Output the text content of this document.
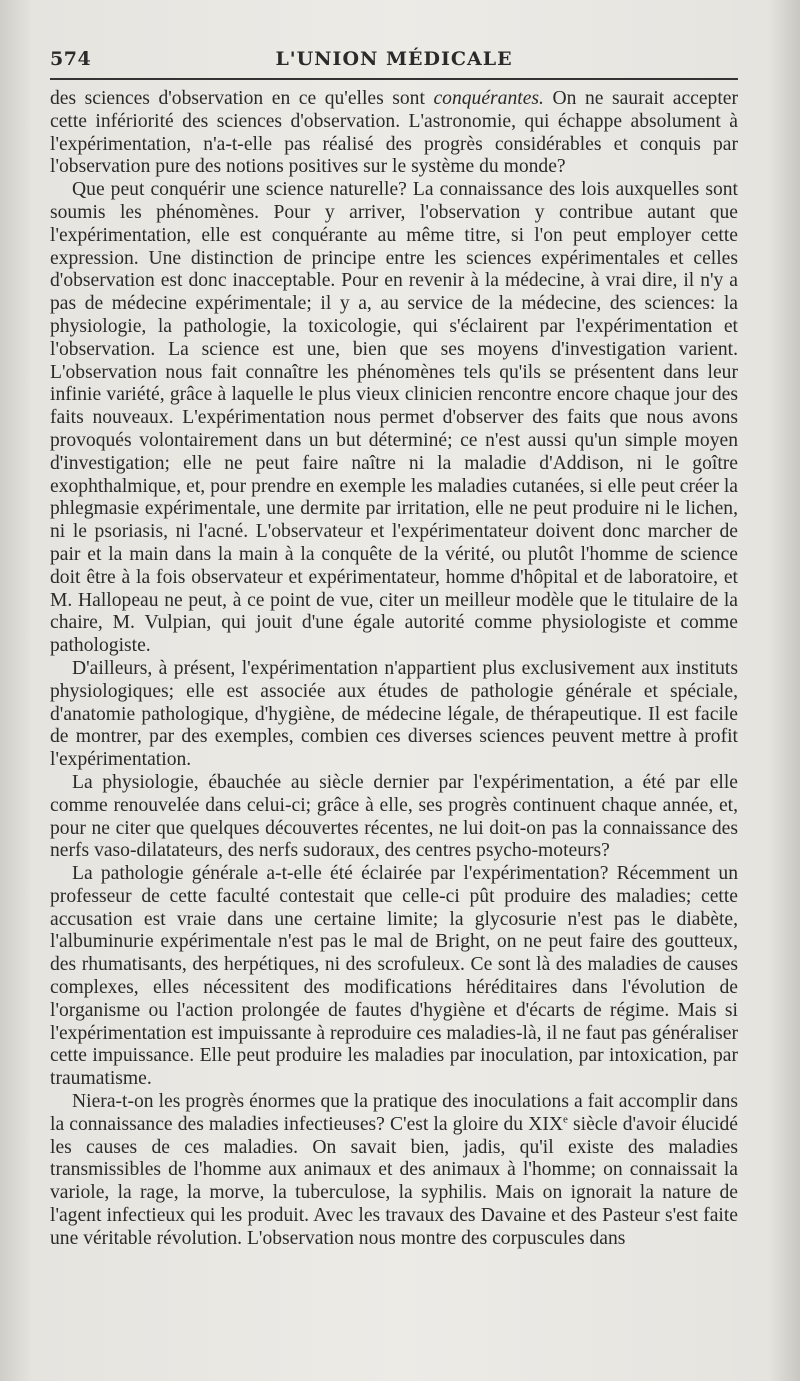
574	L'UNION MÉDICALE

des sciences d'observation en ce qu'elles sont conquérantes. On ne saurait accepter cette infériorité des sciences d'observation. L'astronomie, qui échappe absolument à l'expérimentation, n'a-t-elle pas réalisé des progrès considérables et conquis par l'observation pure des notions positives sur le système du monde?

Que peut conquérir une science naturelle? La connaissance des lois auxquelles sont soumis les phénomènes. Pour y arriver, l'observation y contribue autant que l'expérimentation, elle est conquérante au même titre, si l'on peut employer cette expression. Une distinction de principe entre les sciences expérimentales et celles d'observation est donc inacceptable. Pour en revenir à la médecine, à vrai dire, il n'y a pas de médecine expérimentale; il y a, au service de la médecine, des sciences: la physiologie, la pathologie, la toxicologie, qui s'éclairent par l'expérimentation et l'observation. La science est une, bien que ses moyens d'investigation varient. L'observation nous fait connaître les phénomènes tels qu'ils se présentent dans leur infinie variété, grâce à laquelle le plus vieux clinicien rencontre encore chaque jour des faits nouveaux. L'expérimentation nous permet d'observer des faits que nous avons provoqués volontairement dans un but déterminé; ce n'est aussi qu'un simple moyen d'investigation; elle ne peut faire naître ni la maladie d'Addison, ni le goître exophthalmique, et, pour prendre en exemple les maladies cutanées, si elle peut créer la phlegmasie expérimentale, une dermite par irritation, elle ne peut produire ni le lichen, ni le psoriasis, ni l'acné. L'observateur et l'expérimentateur doivent donc marcher de pair et la main dans la main à la conquête de la vérité, ou plutôt l'homme de science doit être à la fois observateur et expérimentateur, homme d'hôpital et de laboratoire, et M. Hallopeau ne peut, à ce point de vue, citer un meilleur modèle que le titulaire de la chaire, M. Vulpian, qui jouit d'une égale autorité comme physiologiste et comme pathologiste.

D'ailleurs, à présent, l'expérimentation n'appartient plus exclusivement aux instituts physiologiques; elle est associée aux études de pathologie générale et spéciale, d'anatomie pathologique, d'hygiène, de médecine légale, de thérapeutique. Il est facile de montrer, par des exemples, combien ces diverses sciences peuvent mettre à profit l'expérimentation.

La physiologie, ébauchée au siècle dernier par l'expérimentation, a été par elle comme renouvelée dans celui-ci; grâce à elle, ses progrès continuent chaque année, et, pour ne citer que quelques découvertes récentes, ne lui doit-on pas la connaissance des nerfs vaso-dilatateurs, des nerfs sudoraux, des centres psycho-moteurs?

La pathologie générale a-t-elle été éclairée par l'expérimentation? Récemment un professeur de cette faculté contestait que celle-ci pût produire des maladies; cette accusation est vraie dans une certaine limite; la glycosurie n'est pas le diabète, l'albuminurie expérimentale n'est pas le mal de Bright, on ne peut faire des goutteux, des rhumatisants, des herpétiques, ni des scrofuleux. Ce sont là des maladies de causes complexes, elles nécessitent des modifications héréditaires dans l'évolution de l'organisme ou l'action prolongée de fautes d'hygiène et d'écarts de régime. Mais si l'expérimentation est impuissante à reproduire ces maladies-là, il ne faut pas généraliser cette impuissance. Elle peut produire les maladies par inoculation, par intoxication, par traumatisme.

Niera-t-on les progrès énormes que la pratique des inoculations a fait accomplir dans la connaissance des maladies infectieuses? C'est la gloire du XIXe siècle d'avoir élucidé les causes de ces maladies. On savait bien, jadis, qu'il existe des maladies transmissibles de l'homme aux animaux et des animaux à l'homme; on connaissait la variole, la rage, la morve, la tuberculose, la syphilis. Mais on ignorait la nature de l'agent infectieux qui les produit. Avec les travaux des Davaine et des Pasteur s'est faite une véritable révolution. L'observation nous montre des corpuscules dans
